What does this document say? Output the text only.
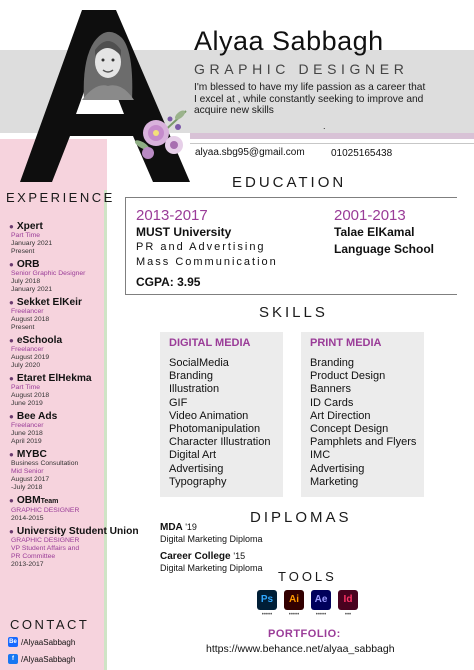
Alyaa Sabbagh
GRAPHIC DESIGNER
I'm blessed to have my life passion as a career that I excel at , while constantly seeking to improve and acquire new skills
.
alyaa.sbg95@gmail.com	01025165438
EXPERIENCE
● Xpert
Part Time
January 2021
Present
● ORB
Senior Graphic Designer
July 2018
January 2021
● Sekket ElKeir
Freelancer
August 2018
Present
● eSchoola
Freelancer
August 2019
July 2020
● Etaret ElHekma
Part Time
August 2018
June 2019
● Bee Ads
Freelancer
June 2018
April 2019
● MYBC
Business Consultation
Mid Senior
August 2017
-July 2018
● OBMTeam
GRAPHIC DESIGNER
2014-2015
● University Student Union
GRAPHIC DESIGNER
VP Student Affairs and
PR Committee
2013-2017
CONTACT
Be /AlyaaSabbagh
f /AlyaaSabbagh
EDUCATION
2013-2017
MUST University
PR and Advertising
Mass Communication
CGPA: 3.95
2001-2013
Talae ElKamal
Language School
SKILLS
DIGITAL MEDIA
SocialMedia
Branding
Illustration
GIF
Video Animation
Photomanipulation
Character Illustration
Digital Art
Advertising
Typography
PRINT MEDIA
Branding
Product Design
Banners
ID Cards
Art Direction
Concept Design
Pamphlets and Flyers
IMC
Advertising
Marketing
DIPLOMAS
MDA '19
Digital Marketing Diploma
Career College '15
Digital Marketing Diploma
TOOLS
Ps
•••••
Ai
•••••
Ae
•••••
Id
•••
PORTFOLIO:
https://www.behance.net/alyaa_sabbagh
